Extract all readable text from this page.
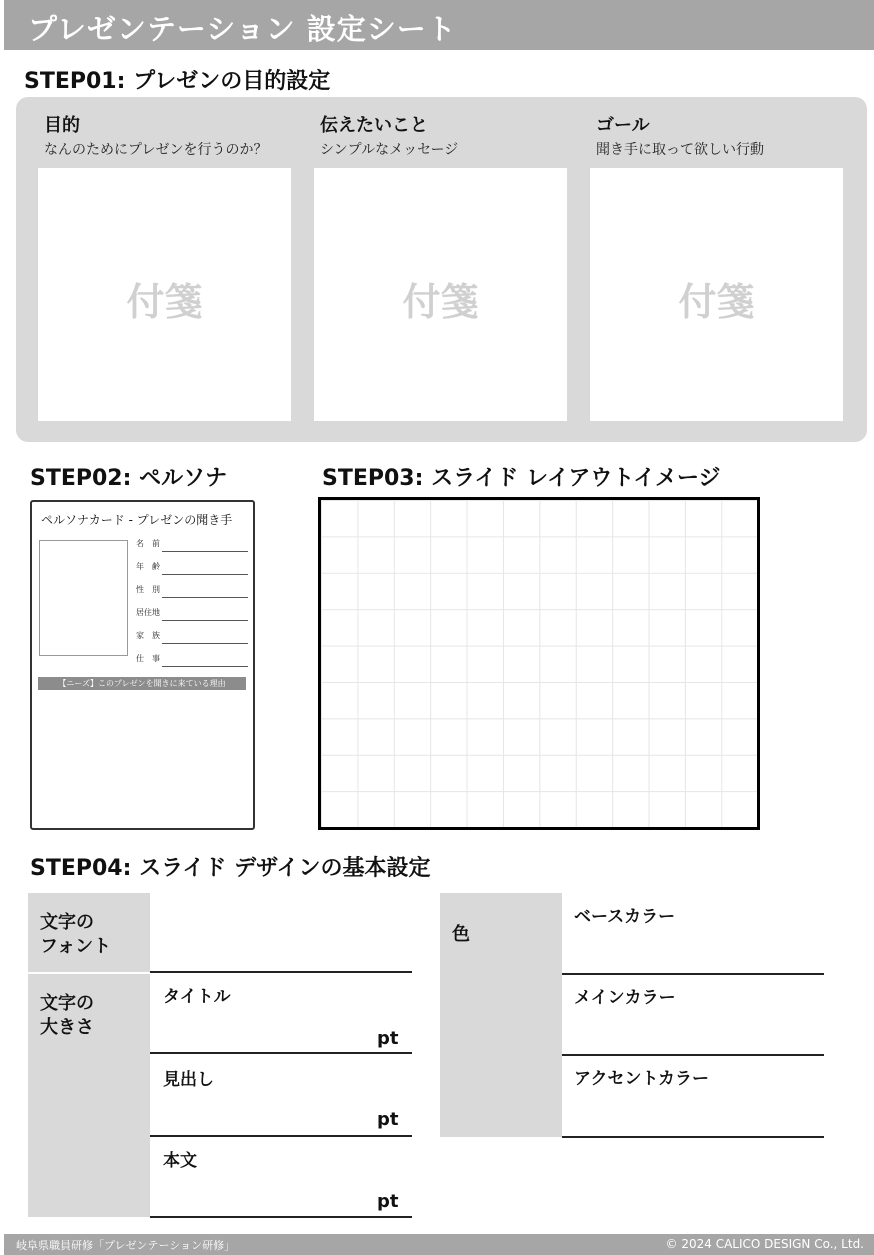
プレゼンテーション 設定シート
STEP01: プレゼンの目的設定
目的
なんのためにプレゼンを行うのか？
付箋
伝えたいこと
シンプルなメッセージ
付箋
ゴール
聞き手に取って欲しい行動
付箋
STEP02: ペルソナ
ペルソナカード - プレゼンの聞き手
名　前
年　齢
性　別
居住地
家　族
仕　事
【ニーズ】このプレゼンを聞きに来ている理由
STEP03: スライド レイアウトイメージ
STEP04: スライド デザインの基本設定
文字の
フォント
文字の
大きさ
タイトル
pt
見出し
pt
本文
pt
色
ベースカラー
メインカラー
アクセントカラー
岐阜県職員研修「プレゼンテーション研修」	© 2024 CALICO DESIGN Co., Ltd.
